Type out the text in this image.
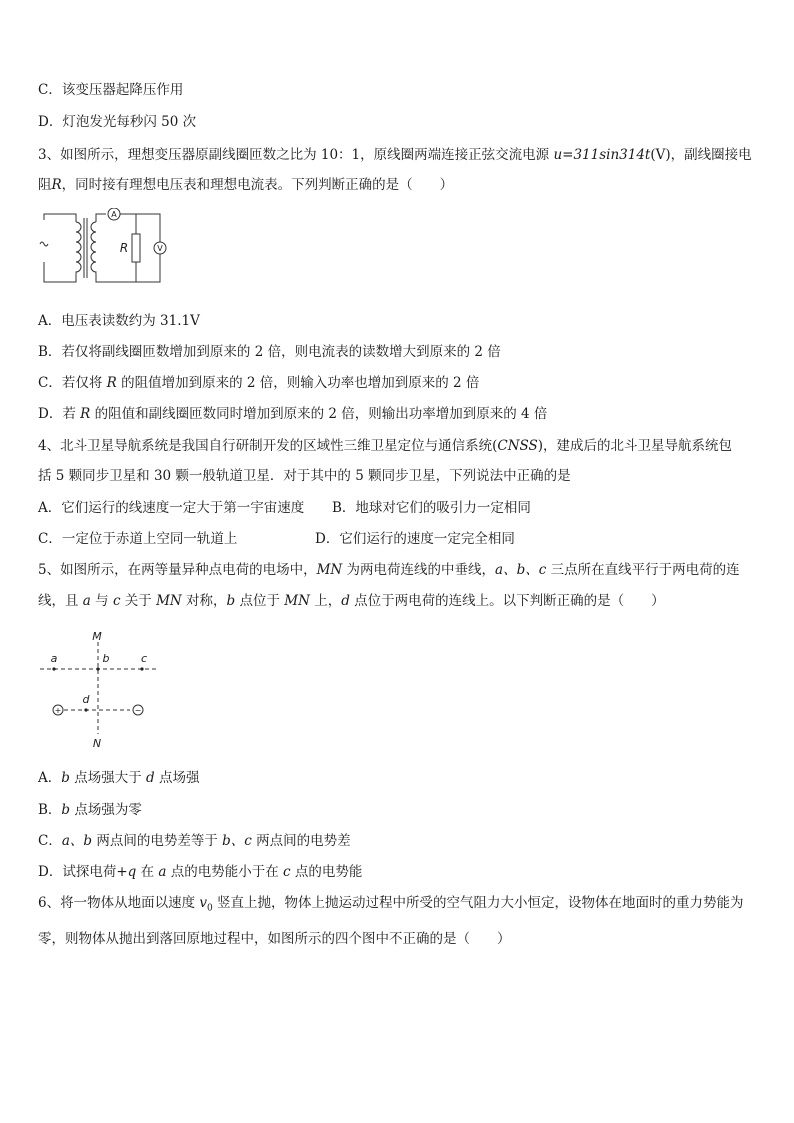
C．该变压器起降压作用
D．灯泡发光每秒闪 50 次
3、如图所示，理想变压器原副线圈匝数之比为 10：1，原线圈两端连接正弦交流电源 u=311sin314t(V)，副线圈接电阻R，同时接有理想电压表和理想电流表。下列判断正确的是（　　）
A
R	V
A．电压表读数约为 31.1V
B．若仅将副线圈匝数增加到原来的 2 倍，则电流表的读数增大到原来的 2 倍
C．若仅将 R 的阻值增加到原来的 2 倍，则输入功率也增加到原来的 2 倍
D．若 R 的阻值和副线圈匝数同时增加到原来的 2 倍，则输出功率增加到原来的 4 倍
4、北斗卫星导航系统是我国自行研制开发的区域性三维卫星定位与通信系统(CNSS)，建成后的北斗卫星导航系统包
括 5 颗同步卫星和 30 颗一般轨道卫星．对于其中的 5 颗同步卫星，下列说法中正确的是
A．它们运行的线速度一定大于第一宇宙速度 B．地球对它们的吸引力一定相同
C．一定位于赤道上空同一轨道上	D．它们运行的速度一定完全相同
5、如图所示，在两等量异种点电荷的电场中，MN 为两电荷连线的中垂线，a、b、c 三点所在直线平行于两电荷的连
线，且 a 与 c 关于 MN 对称，b 点位于 MN 上，d 点位于两电荷的连线上。以下判断正确的是（　　）
+	−
M
N
a	b	c
d
A．b 点场强大于 d 点场强
B．b 点场强为零
C．a、b 两点间的电势差等于 b、c 两点间的电势差
D．试探电荷+q 在 a 点的电势能小于在 c 点的电势能
6、将一物体从地面以速度 $v_0$ 竖直上抛，物体上抛运动过程中所受的空气阻力大小恒定，设物体在地面时的重力势能为零，则物体从抛出到落回原地过程中，如图所示的四个图中不正确的是（　　）
